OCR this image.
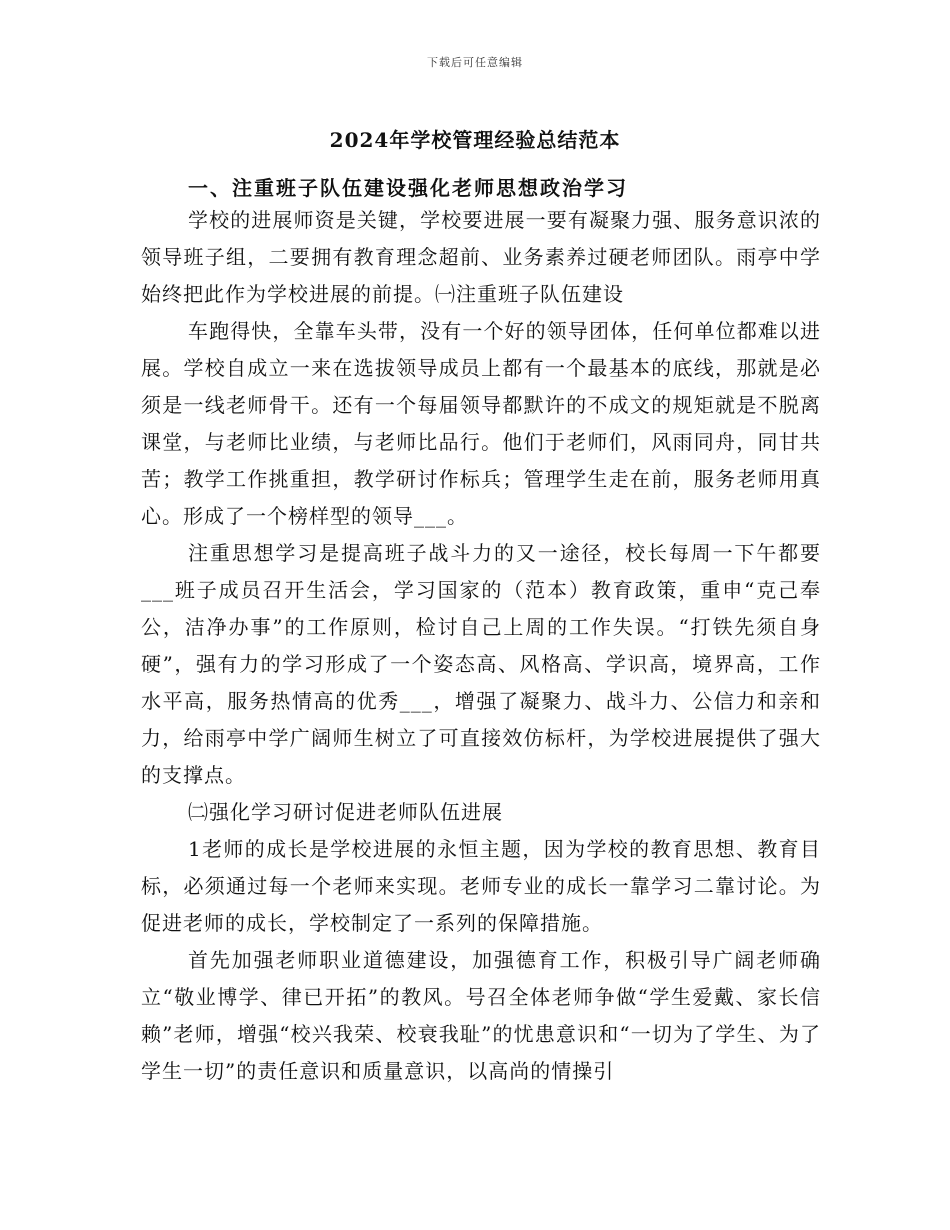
下载后可任意编辑
2024年学校管理经验总结范本
一、注重班子队伍建设强化老师思想政治学习

学校的进展师资是关键，学校要进展一要有凝聚力强、服务意识浓的领导班子组，二要拥有教育理念超前、业务素养过硬老师团队。雨亭中学始终把此作为学校进展的前提。㈠注重班子队伍建设

车跑得快，全靠车头带，没有一个好的领导团体，任何单位都难以进展。学校自成立一来在选拔领导成员上都有一个最基本的底线，那就是必须是一线老师骨干。还有一个每届领导都默许的不成文的规矩就是不脱离课堂，与老师比业绩，与老师比品行。他们于老师们，风雨同舟，同甘共苦；教学工作挑重担，教学研讨作标兵；管理学生走在前，服务老师用真心。形成了一个榜样型的领导___。

注重思想学习是提高班子战斗力的又一途径，校长每周一下午都要___班子成员召开生活会，学习国家的（范本）教育政策，重申“克己奉公，洁净办事”的工作原则，检讨自己上周的工作失误。“打铁先须自身硬”，强有力的学习形成了一个姿态高、风格高、学识高，境界高，工作水平高，服务热情高的优秀___，增强了凝聚力、战斗力、公信力和亲和力，给雨亭中学广阔师生树立了可直接效仿标杆，为学校进展提供了强大的支撑点。

㈡强化学习研讨促进老师队伍进展

1老师的成长是学校进展的永恒主题，因为学校的教育思想、教育目标，必须通过每一个老师来实现。老师专业的成长一靠学习二靠讨论。为促进老师的成长，学校制定了一系列的保障措施。

首先加强老师职业道德建设，加强德育工作，积极引导广阔老师确立“敬业博学、律已开拓”的教风。号召全体老师争做“学生爱戴、家长信赖”老师，增强“校兴我荣、校衰我耻”的忧患意识和“一切为了学生、为了学生一切”的责任意识和质量意识，以高尚的情操引
